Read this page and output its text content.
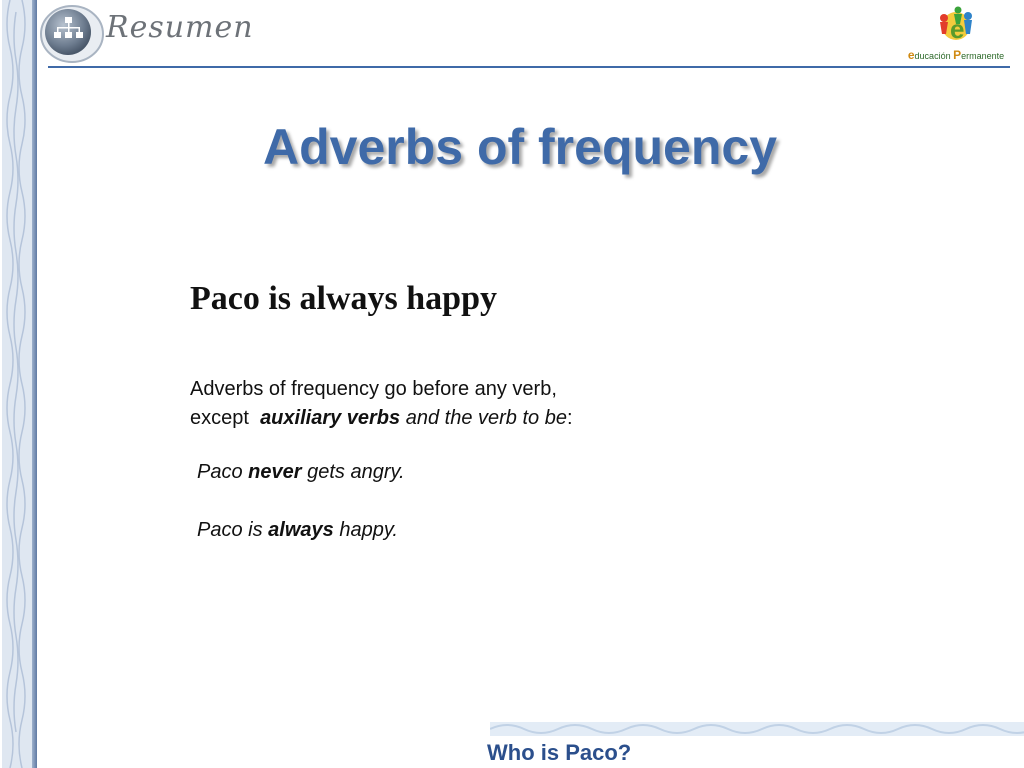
Resumen	e
educación Permanente
Adverbs of frequency
Paco is always happy
Adverbs of frequency go before any verb,
except auxiliary verbs and the verb to be:
Paco never gets angry.
Paco is always happy.
Who is Paco?
